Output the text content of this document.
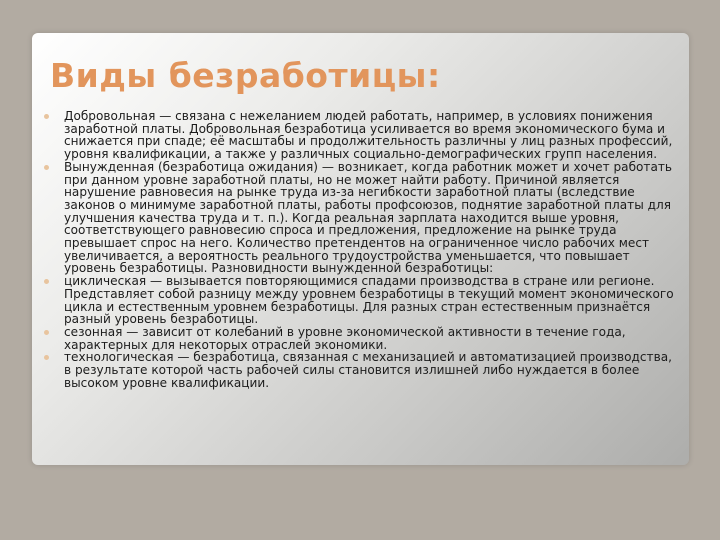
Виды безработицы:
Добровольная — связана с нежеланием людей работать, например, в условиях понижения заработной платы. Добровольная безработица усиливается во время экономического бума и снижается при спаде; её масштабы и продолжительность различны у лиц разных профессий, уровня квалификации, а также у различных социально-демографических групп населения.
Вынужденная (безработица ожидания) — возникает, когда работник может и хочет работать при данном уровне заработной платы, но не может найти работу. Причиной является нарушение равновесия на рынке труда из-за негибкости заработной платы (вследствие законов о минимуме заработной платы, работы профсоюзов, поднятие заработной платы для улучшения качества труда и т. п.). Когда реальная зарплата находится выше уровня, соответствующего равновесию спроса и предложения, предложение на рынке труда превышает спрос на него. Количество претендентов на ограниченное число рабочих мест увеличивается, а вероятность реального трудоустройства уменьшается, что повышает уровень безработицы. Разновидности вынужденной безработицы:
циклическая — вызывается повторяющимися спадами производства в стране или регионе. Представляет собой разницу между уровнем безработицы в текущий момент экономического цикла и естественным уровнем безработицы. Для разных стран естественным признаётся разный уровень безработицы.
сезонная — зависит от колебаний в уровне экономической активности в течение года, характерных для некоторых отраслей экономики.
технологическая — безработица, связанная с механизацией и автоматизацией производства, в результате которой часть рабочей силы становится излишней либо нуждается в более высоком уровне квалификации.
